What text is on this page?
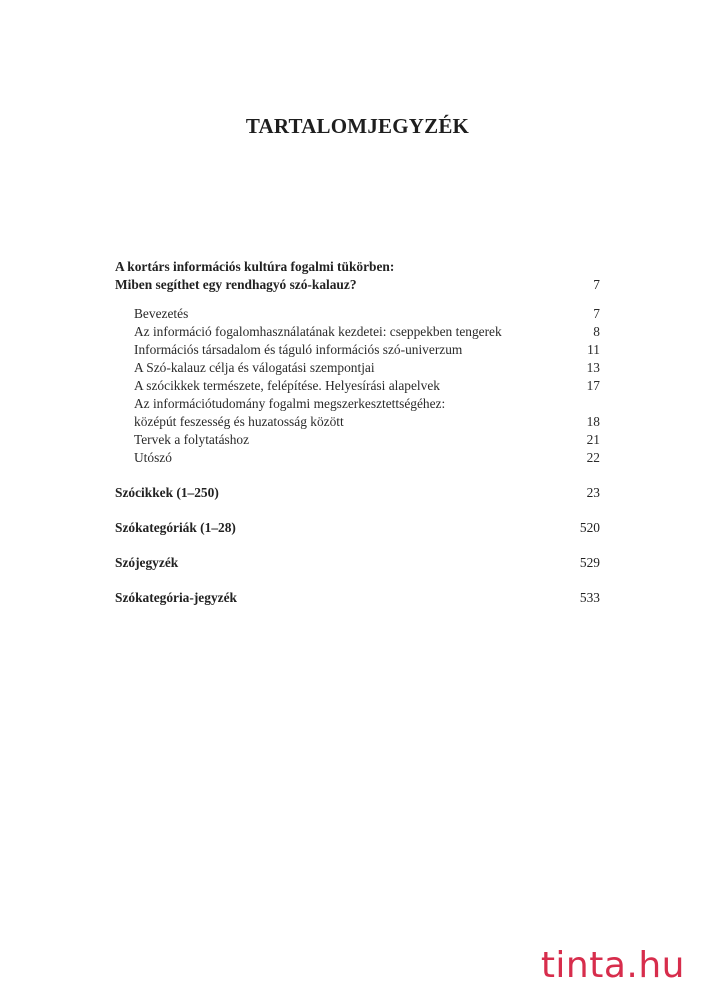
TARTALOMJEGYZÉK
A kortárs információs kultúra fogalmi tükörben:
Miben segíthet egy rendhagyó szó-kalauz?	7
Bevezetés	7
Az információ fogalomhasználatának kezdetei: cseppekben tengerek	8
Információs társadalom és táguló információs szó-univerzum	11
A Szó-kalauz célja és válogatási szempontjai	13
A szócikkek természete, felépítése. Helyesírási alapelvek	17
Az információtudomány fogalmi megszerkesztettségéhez:
középút feszesség és huzatosság között	18
Tervek a folytatáshoz	21
Utószó	22
Szócikkek (1–250)	23
Szókategóriák (1–28)	520
Szójegyzék	529
Szókategória-jegyzék	533
tinta.hu
